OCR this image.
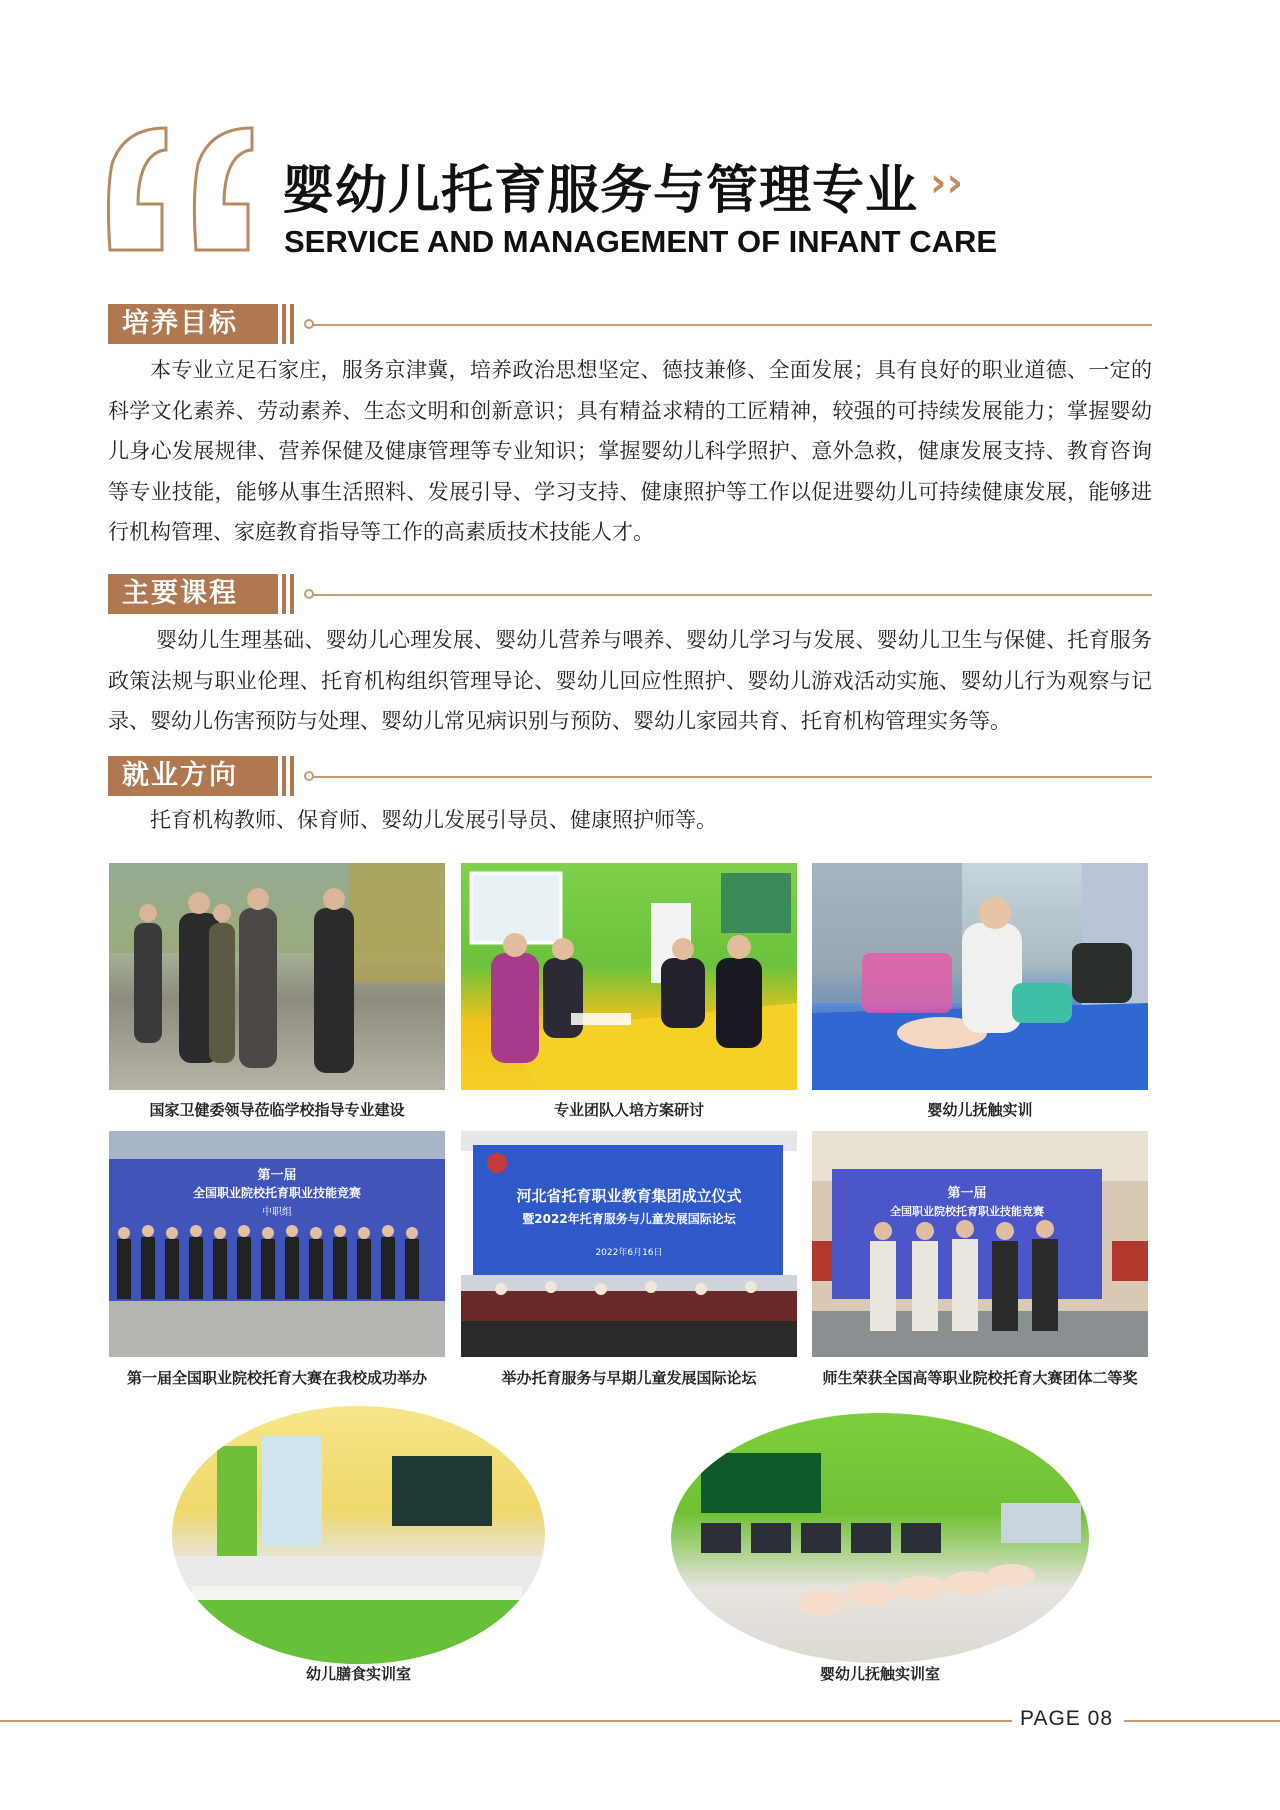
婴幼儿托育服务与管理专业 ››
SERVICE AND MANAGEMENT OF INFANT CARE
培养目标
本专业立足石家庄，服务京津冀，培养政治思想坚定、德技兼修、全面发展；具有良好的职业道德、一定的科学文化素养、劳动素养、生态文明和创新意识；具有精益求精的工匠精神，较强的可持续发展能力；掌握婴幼儿身心发展规律、营养保健及健康管理等专业知识；掌握婴幼儿科学照护、意外急救，健康发展支持、教育咨询等专业技能，能够从事生活照料、发展引导、学习支持、健康照护等工作以促进婴幼儿可持续健康发展，能够进行机构管理、家庭教育指导等工作的高素质技术技能人才。
主要课程
婴幼儿生理基础、婴幼儿心理发展、婴幼儿营养与喂养、婴幼儿学习与发展、婴幼儿卫生与保健、托育服务政策法规与职业伦理、托育机构组织管理导论、婴幼儿回应性照护、婴幼儿游戏活动实施、婴幼儿行为观察与记录、婴幼儿伤害预防与处理、婴幼儿常见病识别与预防、婴幼儿家园共育、托育机构管理实务等。
就业方向
托育机构教师、保育师、婴幼儿发展引导员、健康照护师等。
国家卫健委领导莅临学校指导专业建设	专业团队人培方案研讨	婴幼儿抚触实训
第一届
全国职业院校托育职业技能竞赛
中职组
河北省托育职业教育集团成立仪式
暨2022年托育服务与儿童发展国际论坛
2022年6月16日
第一届
全国职业院校托育职业技能竞赛
第一届全国职业院校托育大赛在我校成功举办	举办托育服务与早期儿童发展国际论坛	师生荣获全国高等职业院校托育大赛团体二等奖
幼儿膳食实训室	婴幼儿抚触实训室
PAGE 08
